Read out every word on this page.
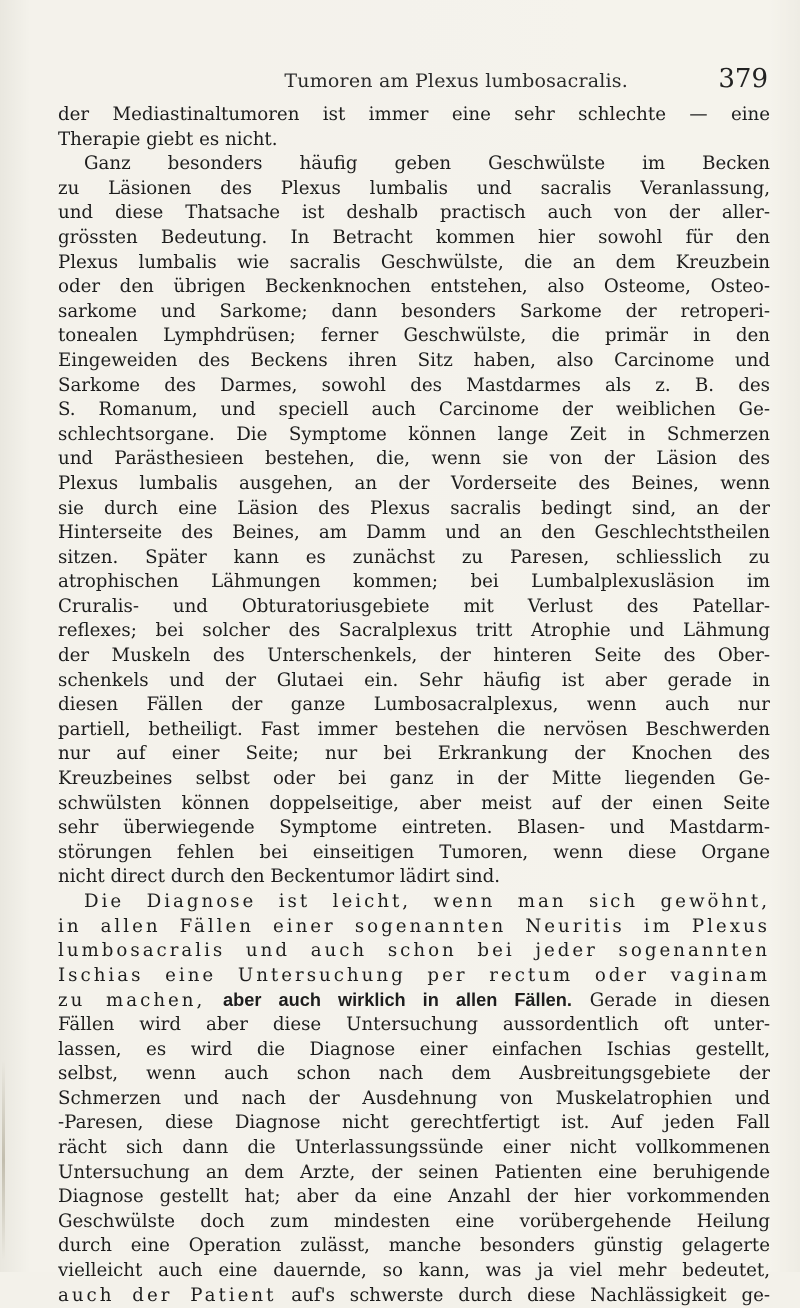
Tumoren am Plexus lumbosacralis.	379
der Mediastinaltumoren ist immer eine sehr schlechte — eine
Therapie giebt es nicht.
Ganz besonders häufig geben Geschwülste im Becken
zu Läsionen des Plexus lumbalis und sacralis Veranlassung,
und diese Thatsache ist deshalb practisch auch von der aller-
grössten Bedeutung. In Betracht kommen hier sowohl für den
Plexus lumbalis wie sacralis Geschwülste, die an dem Kreuzbein
oder den übrigen Beckenknochen entstehen, also Osteome, Osteo-
sarkome und Sarkome; dann besonders Sarkome der retroperi-
tonealen Lymphdrüsen; ferner Geschwülste, die primär in den
Eingeweiden des Beckens ihren Sitz haben, also Carcinome und
Sarkome des Darmes, sowohl des Mastdarmes als z. B. des
S. Romanum, und speciell auch Carcinome der weiblichen Ge-
schlechtsorgane. Die Symptome können lange Zeit in Schmerzen
und Parästhesieen bestehen, die, wenn sie von der Läsion des
Plexus lumbalis ausgehen, an der Vorderseite des Beines, wenn
sie durch eine Läsion des Plexus sacralis bedingt sind, an der
Hinterseite des Beines, am Damm und an den Geschlechtstheilen
sitzen. Später kann es zunächst zu Paresen, schliesslich zu
atrophischen Lähmungen kommen; bei Lumbalplexusläsion im
Cruralis- und Obturatoriusgebiete mit Verlust des Patellar-
reflexes; bei solcher des Sacralplexus tritt Atrophie und Lähmung
der Muskeln des Unterschenkels, der hinteren Seite des Ober-
schenkels und der Glutaei ein. Sehr häufig ist aber gerade in
diesen Fällen der ganze Lumbosacralplexus, wenn auch nur
partiell, betheiligt. Fast immer bestehen die nervösen Beschwerden
nur auf einer Seite; nur bei Erkrankung der Knochen des
Kreuzbeines selbst oder bei ganz in der Mitte liegenden Ge-
schwülsten können doppelseitige, aber meist auf der einen Seite
sehr überwiegende Symptome eintreten. Blasen- und Mastdarm-
störungen fehlen bei einseitigen Tumoren, wenn diese Organe
nicht direct durch den Beckentumor lädirt sind.
Die Diagnose ist leicht, wenn man sich gewöhnt,
in allen Fällen einer sogenannten Neuritis im Plexus
lumbosacralis und auch schon bei jeder sogenannten
Ischias eine Untersuchung per rectum oder vaginam
zu machen, aber auch wirklich in allen Fällen. Gerade in diesen
Fällen wird aber diese Untersuchung aussordentlich oft unter-
lassen, es wird die Diagnose einer einfachen Ischias gestellt,
selbst, wenn auch schon nach dem Ausbreitungsgebiete der
Schmerzen und nach der Ausdehnung von Muskelatrophien und
-Paresen, diese Diagnose nicht gerechtfertigt ist. Auf jeden Fall
rächt sich dann die Unterlassungssünde einer nicht vollkommenen
Untersuchung an dem Arzte, der seinen Patienten eine beruhigende
Diagnose gestellt hat; aber da eine Anzahl der hier vorkommenden
Geschwülste doch zum mindesten eine vorübergehende Heilung
durch eine Operation zulässt, manche besonders günstig gelagerte
vielleicht auch eine dauernde, so kann, was ja viel mehr bedeutet,
auch der Patient auf's schwerste durch diese Nachlässigkeit ge-
